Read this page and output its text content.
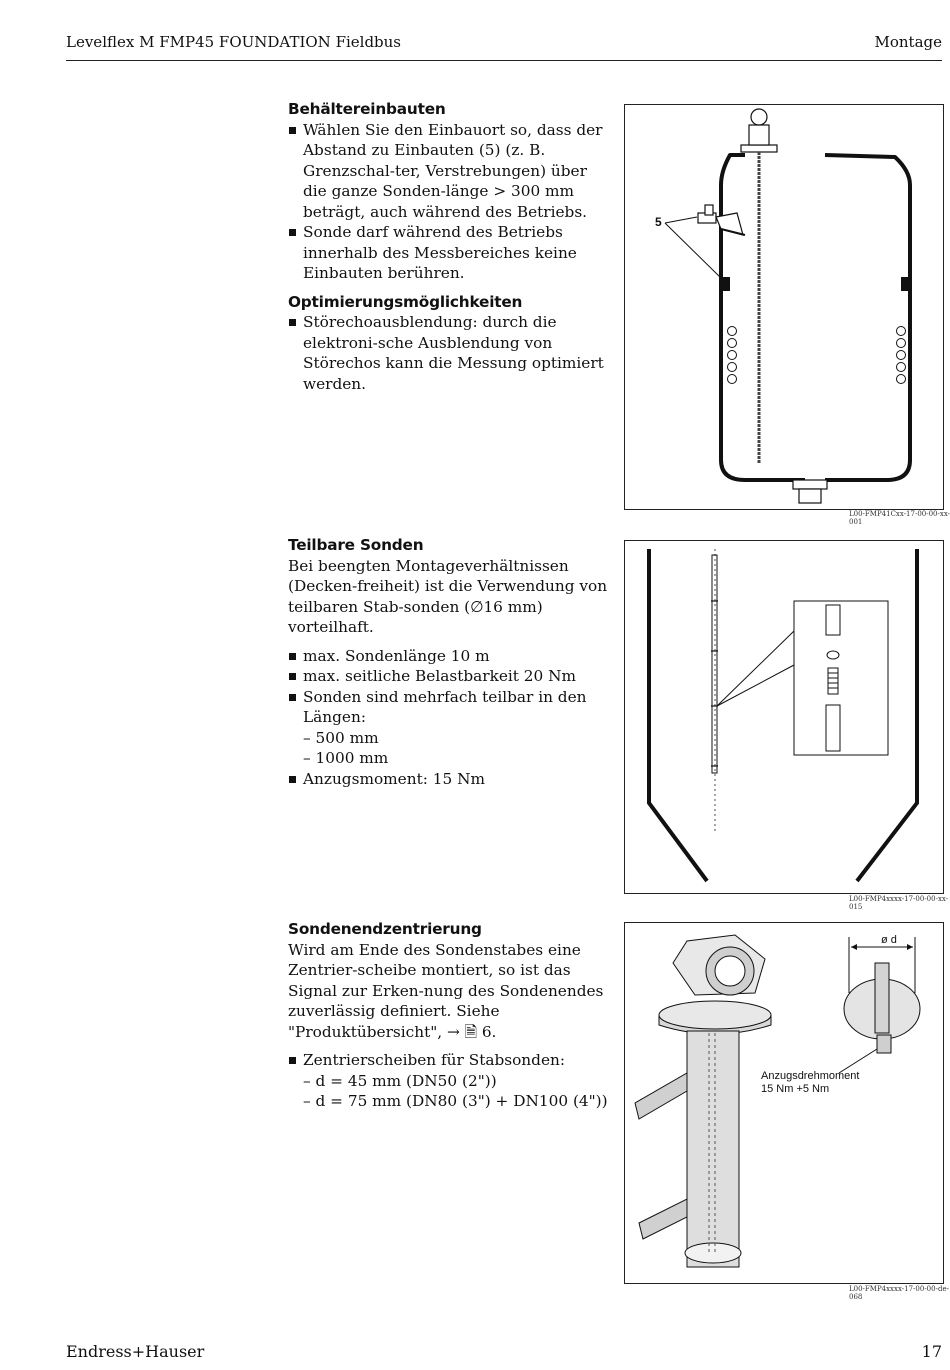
Levelflex M FMP45 FOUNDATION Fieldbus	Montage
Behältereinbauten
Wählen Sie den Einbauort so, dass der Abstand zu Einbauten (5) (z. B. Grenzschal-ter, Verstrebungen) über die ganze Sonden-länge > 300 mm beträgt, auch während des Betriebs.
Sonde darf während des Betriebs innerhalb des Messbereiches keine Einbauten berühren.
Optimierungsmöglichkeiten
Störechoausblendung: durch die elektroni-sche Ausblendung von Störechos kann die Messung optimiert werden.
5
L00-FMP41Cxx-17-00-00-xx-001
Teilbare Sonden

Bei beengten Montageverhältnissen (Decken-freiheit) ist die Verwendung von teilbaren Stab-sonden (∅16 mm) vorteilhaft.

max. Sondenlänge 10 m
max. seitliche Belastbarkeit 20 Nm
Sonden sind mehrfach teilbar in den Längen:
– 500 mm
– 1000 mm
Anzugsmoment: 15 Nm
L00-FMP4xxxx-17-00-00-xx-015
Sondenendzentrierung

Wird am Ende des Sondenstabes eine Zentrier-scheibe montiert, so ist das Signal zur Erken-nung des Sondenendes zuverlässig definiert. Siehe "Produktübersicht", → 🗎 6.

Zentrierscheiben für Stabsonden:
– d = 45 mm (DN50 (2"))
– d = 75 mm (DN80 (3") + DN100 (4"))
ø d
Anzugsdrehmoment
15 Nm +5 Nm
L00-FMP4xxxx-17-00-00-de-068
Endress+Hauser	17
